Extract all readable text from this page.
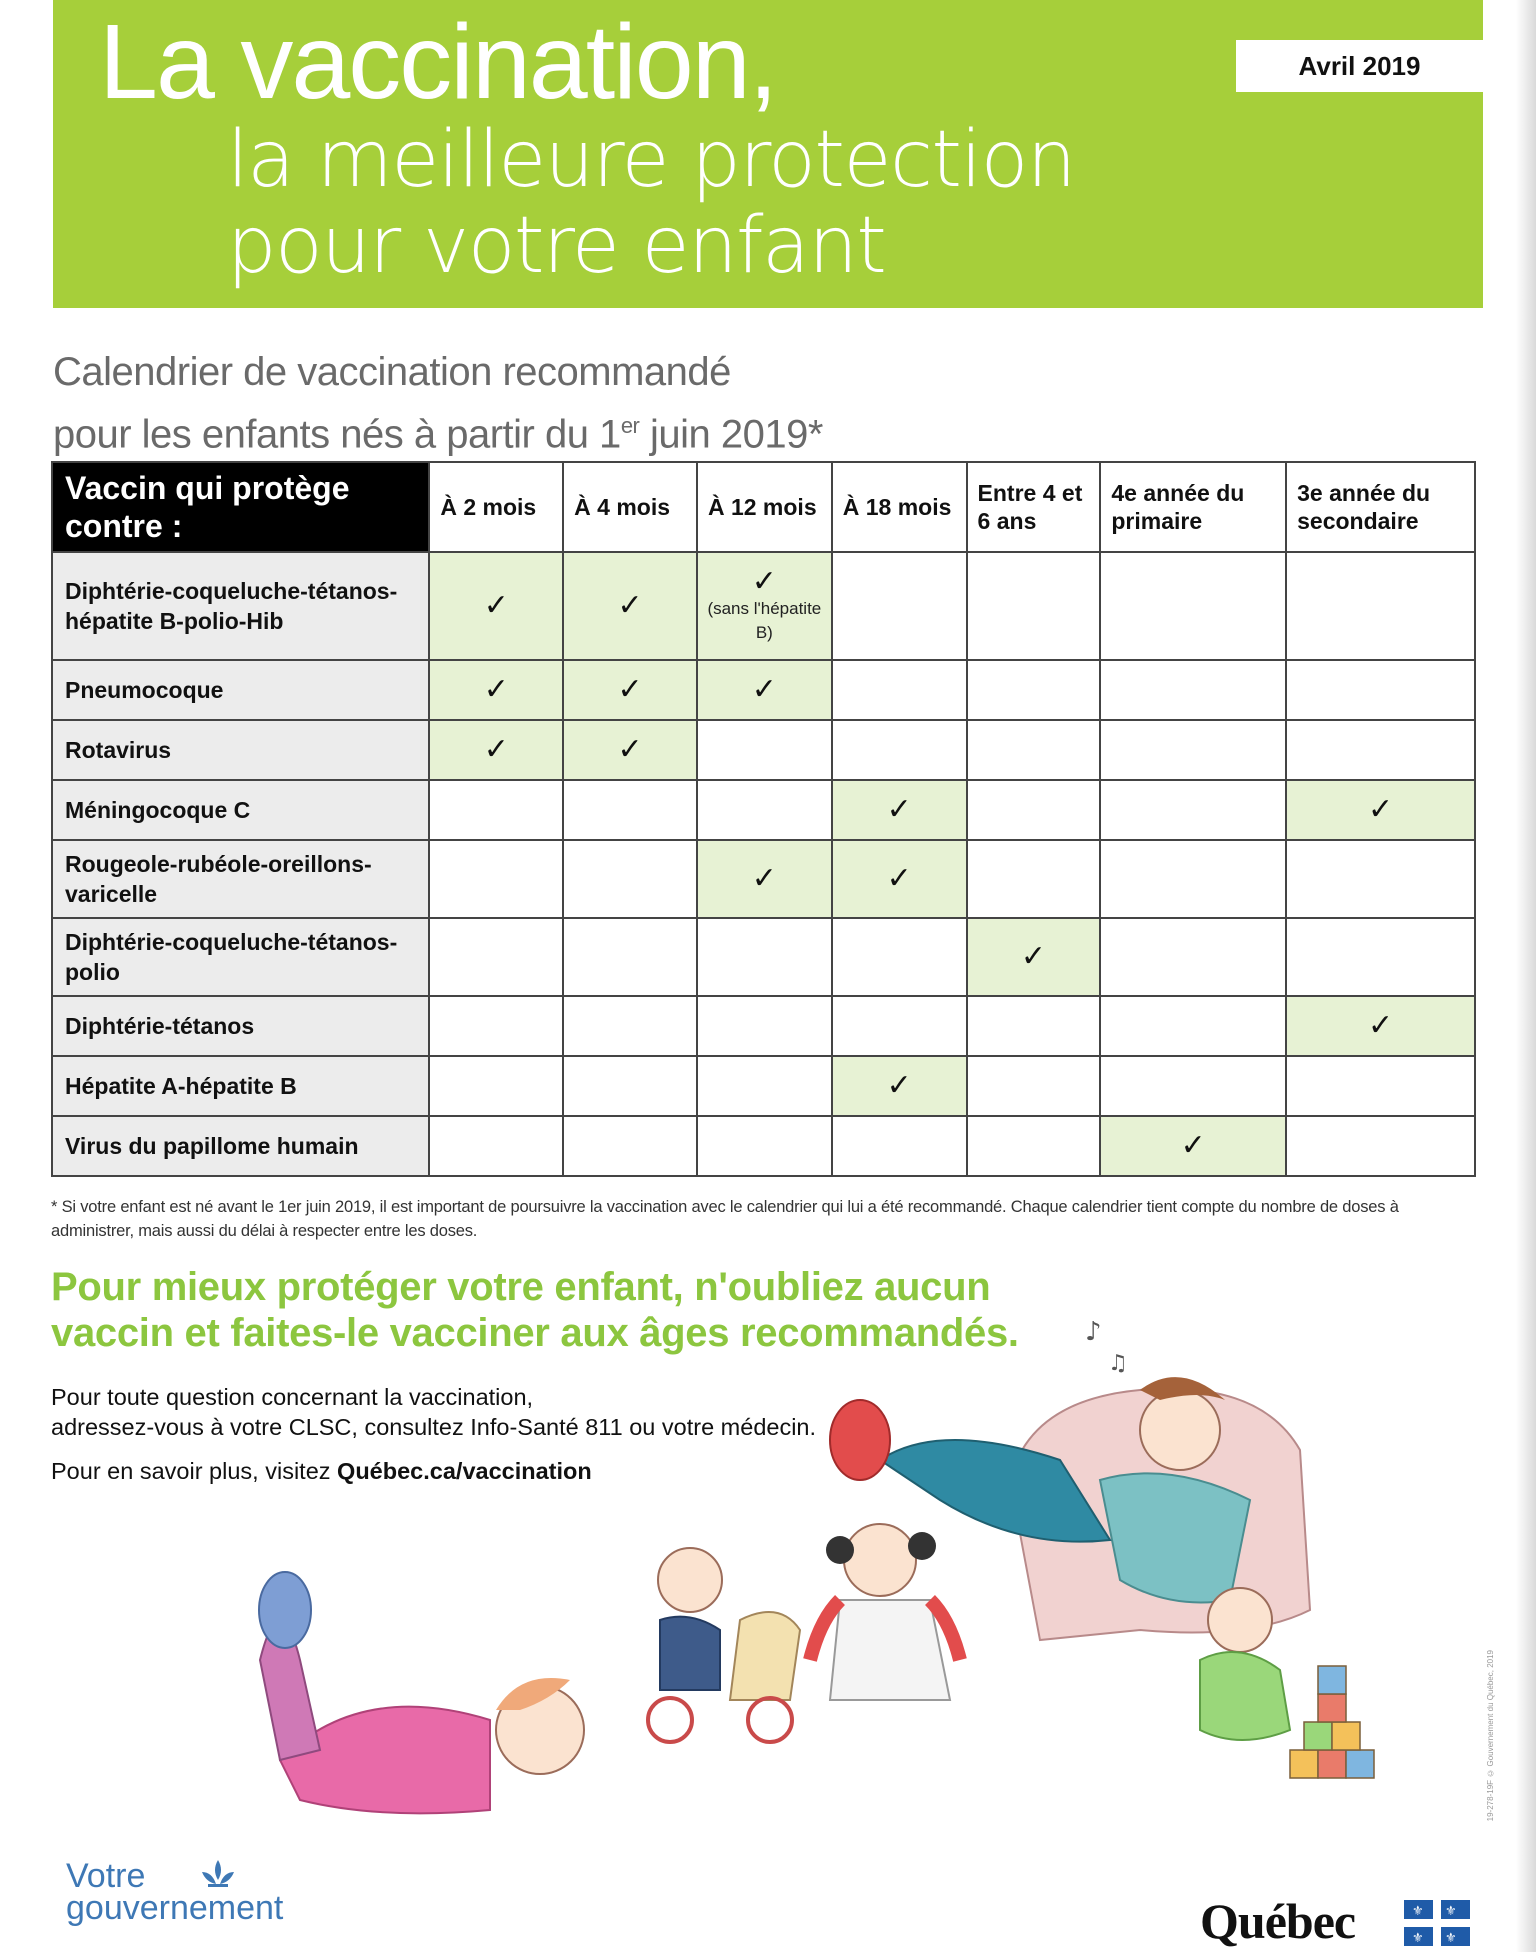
La vaccination,
la meilleure protection
pour votre enfant
Avril 2019
Calendrier de vaccination recommandé
pour les enfants nés à partir du 1er juin 2019*
Vaccin qui protège contre :	À 2 mois	À 4 mois	À 12 mois	À 18 mois	Entre 4 et 6 ans	4e année du primaire	3e année du secondaire
Diphtérie-coqueluche-tétanos-hépatite B-polio-Hib	✓	✓	✓
(sans l'hépatite B)				

Pneumocoque	✓	✓	✓				
Rotavirus	✓	✓					
Méningocoque C				✓			✓
Rougeole-rubéole-oreillons-varicelle			✓	✓			
Diphtérie-coqueluche-tétanos-polio					✓		
Diphtérie-tétanos							✓
Hépatite A-hépatite B				✓			
Virus du papillome humain						✓	
* Si votre enfant est né avant le 1er juin 2019, il est important de poursuivre la vaccination avec le calendrier qui lui a été recommandé. Chaque calendrier tient compte du nombre de doses à administrer, mais aussi du délai à respecter entre les doses.
Pour mieux protéger votre enfant, n'oubliez aucun
vaccin et faites-le vacciner aux âges recommandés.
Pour toute question concernant la vaccination,
adressez-vous à votre CLSC, consultez Info-Santé 811 ou votre médecin.
Pour en savoir plus, visitez Québec.ca/vaccination
♪
♫
Votre
gouvernement	Québec	⚜ ⚜
⚜ ⚜
19-278-19F © Gouvernement du Québec, 2019
